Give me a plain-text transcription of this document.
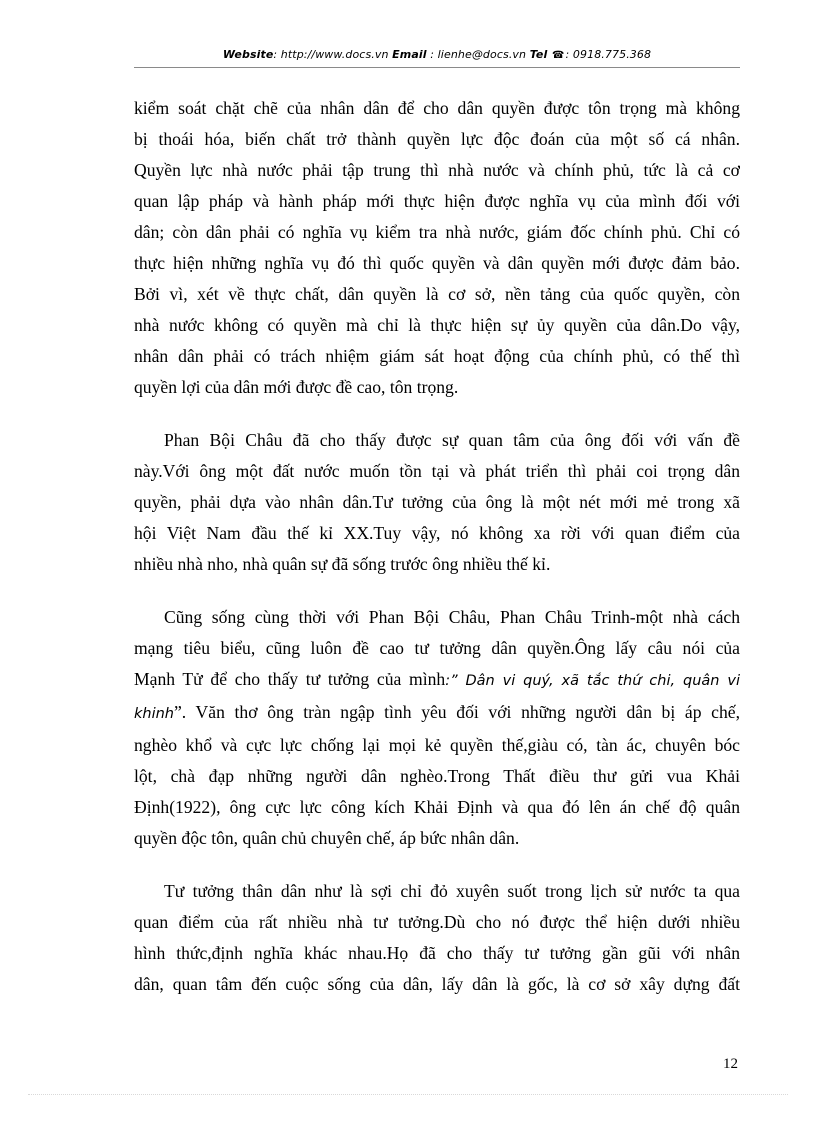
Website: http://www.docs.vn Email : lienhe@docs.vn Tel ☎: 0918.775.368

kiểm soát chặt chẽ của nhân dân để cho dân quyền được tôn trọng mà không
bị thoái hóa, biến chất trở thành quyền lực độc đoán của một số cá nhân.
Quyền lực nhà nước phải tập trung thì nhà nước và chính phủ, tức là cả cơ
quan lập pháp và hành pháp mới thực hiện được nghĩa vụ của mình đối với
dân; còn dân phải có nghĩa vụ kiểm tra nhà nước, giám đốc chính phủ. Chỉ có
thực hiện những nghĩa vụ đó thì quốc quyền và dân quyền mới được đảm bảo.
Bởi vì, xét về thực chất, dân quyền là cơ sở, nền tảng của quốc quyền, còn
nhà nước không có quyền mà chỉ là thực hiện sự ủy quyền của dân.Do vậy,
nhân dân phải có trách nhiệm giám sát hoạt động của chính phủ, có thế thì
quyền lợi của dân mới được đề cao, tôn trọng.

Phan Bội Châu đã cho thấy được sự quan tâm của ông đối với vấn đề
này.Với ông một đất nước muốn tồn tại và phát triển thì phải coi trọng dân
quyền, phải dựa vào nhân dân.Tư tưởng của ông là một nét mới mẻ trong xã
hội Việt Nam đầu thế kỉ XX.Tuy vậy, nó không xa rời với quan điểm của
nhiều nhà nho, nhà quân sự đã sống trước ông nhiều thế kỉ.

Cũng sống cùng thời với Phan Bội Châu, Phan Châu Trinh-một nhà cách
mạng tiêu biểu, cũng luôn đề cao tư tưởng dân quyền.Ông lấy câu nói của
Mạnh Tử để cho thấy tư tưởng của mình:” Dân vi quý, xã tắc thứ chi, quân vi
khinh”. Văn thơ ông tràn ngập tình yêu đối với những người dân bị áp chế,
nghèo khổ và cực lực chống lại mọi kẻ quyền thế,giàu có, tàn ác, chuyên bóc
lột, chà đạp những người dân nghèo.Trong Thất điều thư gửi vua Khải
Định(1922), ông cực lực công kích Khải Định và qua đó lên án chế độ quân
quyền độc tôn, quân chủ chuyên chế, áp bức nhân dân.

Tư tưởng thân dân như là sợi chỉ đỏ xuyên suốt trong lịch sử nước ta qua
quan điểm của rất nhiều nhà tư tưởng.Dù cho nó được thể hiện dưới nhiều
hình thức,định nghĩa khác nhau.Họ đã cho thấy tư tưởng gần gũi với nhân
dân, quan tâm đến cuộc sống của dân, lấy dân là gốc, là cơ sở xây dựng đất

12
